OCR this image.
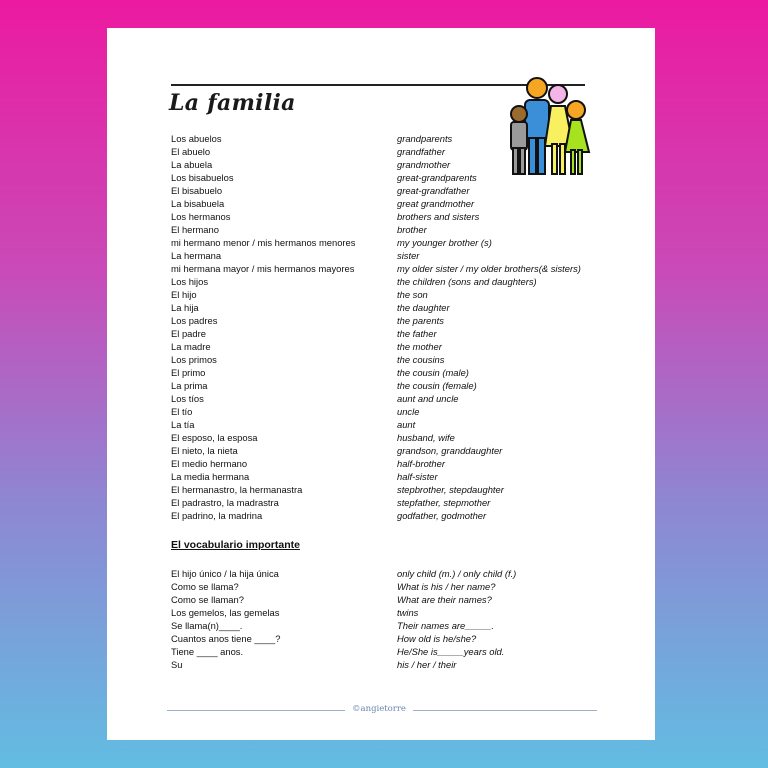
La familia
Los abuelos	grandparents
El abuelo	grandfather
La abuela	grandmother
Los bisabuelos	great-grandparents
El bisabuelo	great-grandfather
La bisabuela	great grandmother
Los hermanos	brothers and sisters
El hermano	brother
mi hermano menor / mis hermanos menores	my younger brother (s)
La hermana	sister
mi hermana mayor / mis hermanos mayores	my older sister / my older brothers(& sisters)
Los hijos	the children (sons and daughters)
El hijo	the son
La hija	the daughter
Los padres	the parents
El padre	the father
La madre	the mother
Los primos	the cousins
El primo	the cousin (male)
La prima	the cousin (female)
Los tíos	aunt and uncle
El tío	uncle
La tía	aunt
El esposo, la esposa	husband, wife
El nieto, la nieta	grandson, granddaughter
El medio hermano	half-brother
La media hermana	half-sister
El hermanastro, la hermanastra	stepbrother, stepdaughter
El padrastro, la madrastra	stepfather, stepmother
El padrino, la madrina	godfather, godmother
El vocabulario importante
El hijo único / la hija única	only child (m.) / only child (f.)
Como se llama?	What is his / her name?
Como se llaman?	What are their names?
Los gemelos, las gemelas	twins
Se llama(n)____.	Their names are_____.
Cuantos anos tiene ____?	How old is he/she?
Tiene ____ anos.	He/She is_____years old.
Su	his / her / their
©angietorre
